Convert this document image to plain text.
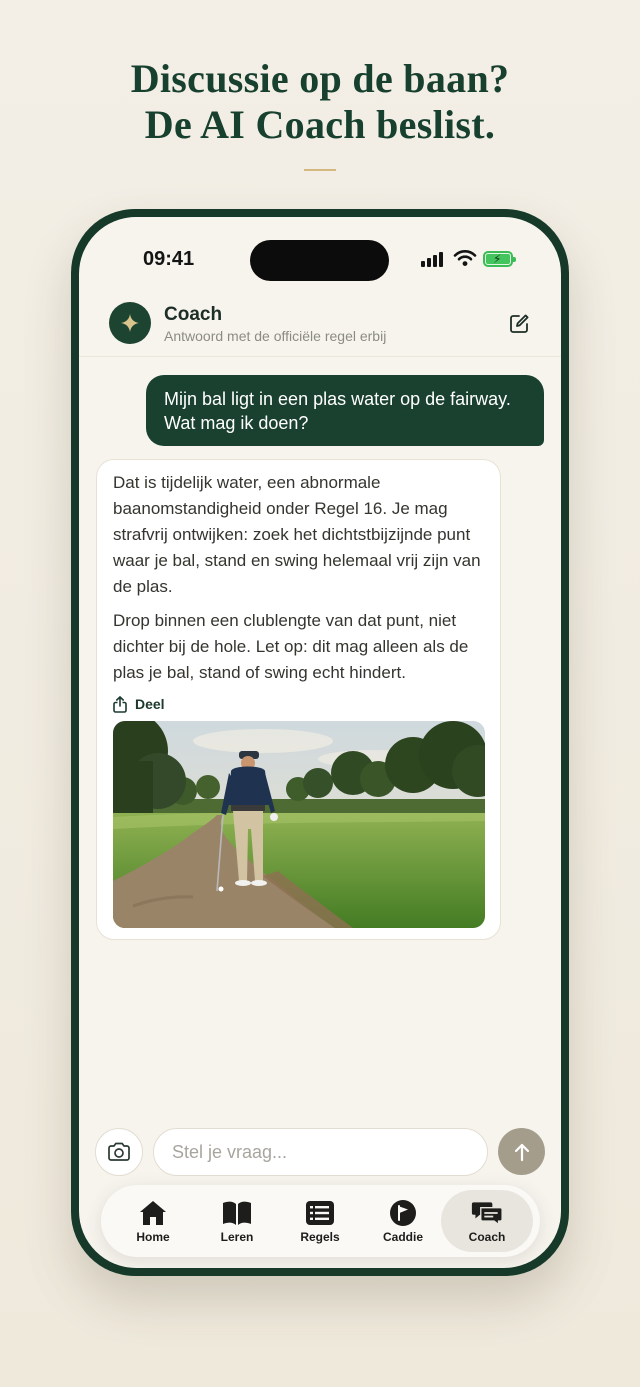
Discussie op de baan?
De AI Coach beslist.
09:41	⚡
Coach
Antwoord met de officiële regel erbij
Mijn bal ligt in een plas water op de fairway. Wat mag ik doen?
Dat is tijdelijk water, een abnormale baanomstandigheid onder Regel 16. Je mag strafvrij ontwijken: zoek het dichtstbijzijnde punt waar je bal, stand en swing helemaal vrij zijn van de plas.
Drop binnen een clublengte van dat punt, niet dichter bij de hole. Let op: dit mag alleen als de plas je bal, stand of swing echt hindert.
Deel
Stel je vraag...
Home	Leren	Regels	Caddie	Coach
